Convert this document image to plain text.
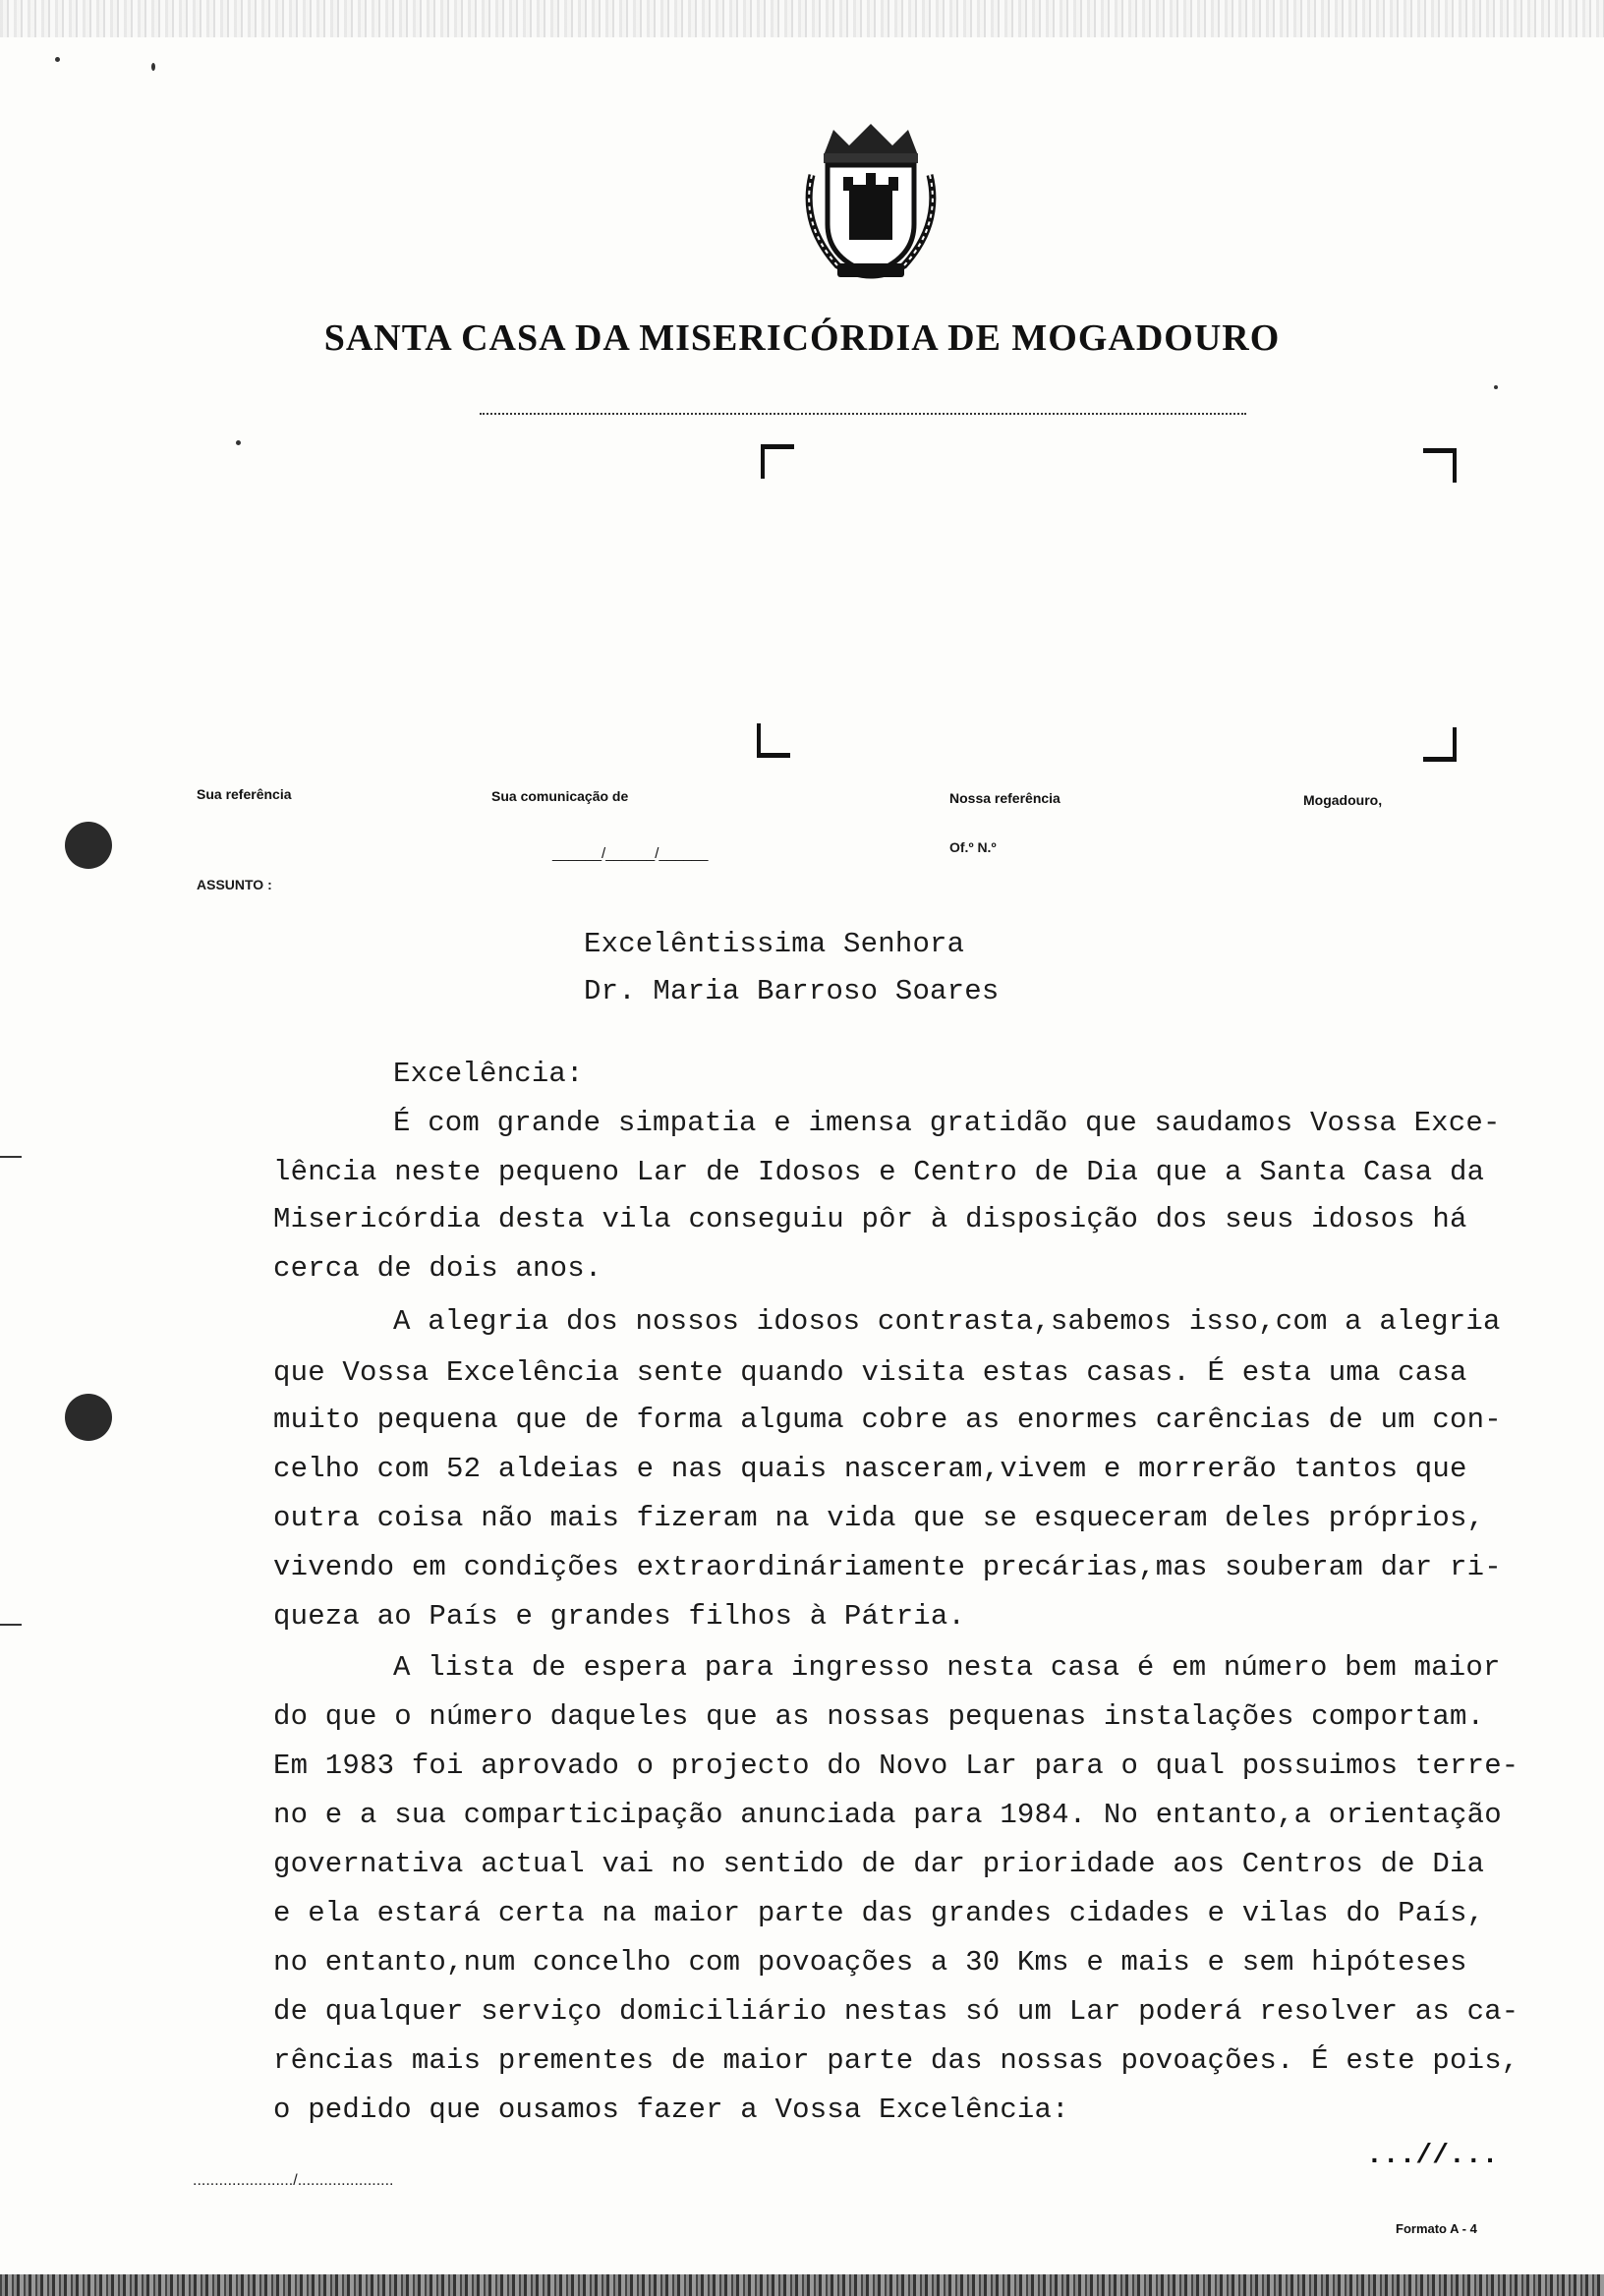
SANTA CASA DA MISERICÓRDIA DE MOGADOURO
Sua referência	Sua comunicação de	Nossa referência	Mogadouro,
______/______/______	Of.º N.º
ASSUNTO :
Excelêntissima Senhora
Dr. Maria Barroso Soares
Excelência:
É com grande simpatia e imensa gratidão que saudamos Vossa Exce-
lência neste pequeno Lar de Idosos e Centro de Dia que a Santa Casa da
Misericórdia desta vila conseguiu pôr à disposição dos seus idosos há
cerca de dois anos.
A alegria dos nossos idosos contrasta,sabemos isso,com a alegria
que Vossa Excelência sente quando visita estas casas. É esta uma casa
muito pequena que de forma alguma cobre as enormes carências de um con-
celho com 52 aldeias e nas quais nasceram,vivem e morrerão tantos que
outra coisa não mais fizeram na vida que se esqueceram deles próprios,
vivendo em condições extraordináriamente precárias,mas souberam dar ri-
queza ao País e grandes filhos à Pátria.
A lista de espera para ingresso nesta casa é em número bem maior
do que o número daqueles que as nossas pequenas instalações comportam.
Em 1983 foi aprovado o projecto do Novo Lar para o qual possuimos terre-
no e a sua comparticipação anunciada para 1984. No entanto,a orientação
governativa actual vai no sentido de dar prioridade aos Centros de Dia
e ela estará certa na maior parte das grandes cidades e vilas do País,
no entanto,num concelho com povoações a 30 Kms e mais e sem hipóteses
de qualquer serviço domiciliário nestas só um Lar poderá resolver as ca-
rências mais prementes de maior parte das nossas povoações. É este pois,
o pedido que ousamos fazer a Vossa Excelência:
......................./......................
...//...
Formato A - 4
